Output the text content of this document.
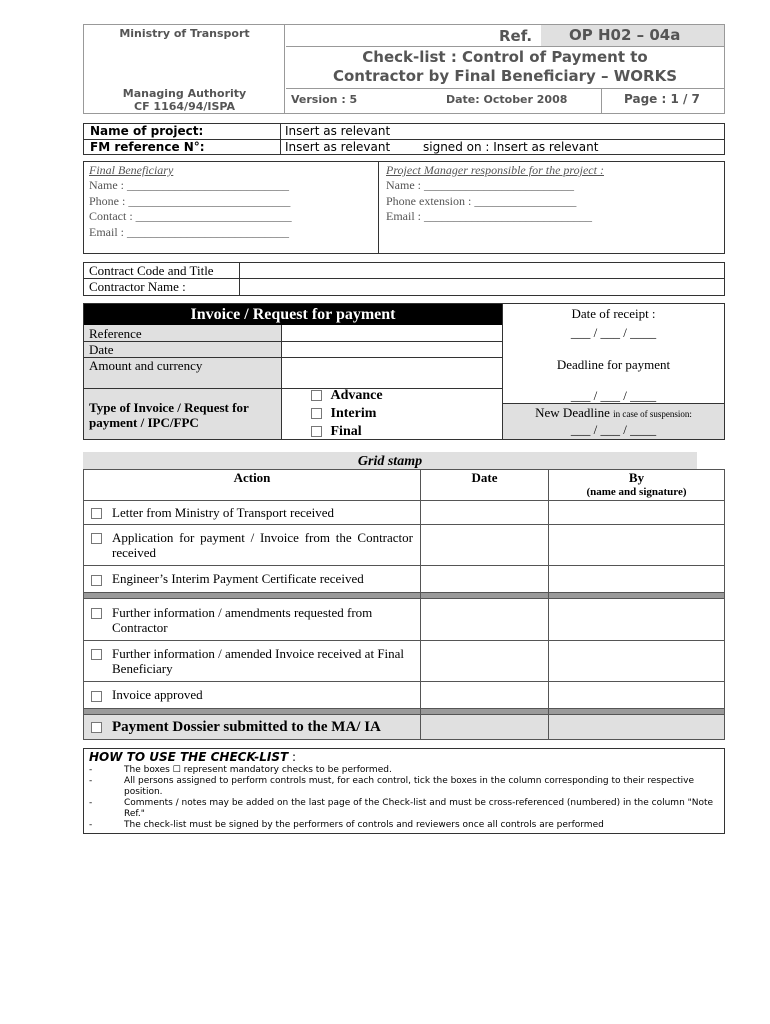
Ministry of Transport
Managing Authority
CF 1164/94/ISPA
Ref.	OP H02 – 04a
Check-list : Control of Payment to
Contractor by Final Beneficiary – WORKS
Version : 5	Date: October 2008	Page : 1 / 7
Name of project:	Insert as relevant
FM reference N°:	Insert as relevant	signed on : Insert as relevant
Final Beneficiary
Name : ___________________________
Phone : ___________________________
Contact : __________________________
Email : ___________________________
Project Manager responsible for the project :
Name : _________________________
Phone extension : _________________
Email : ____________________________
Contract Code and Title
Contractor Name :
Invoice / Request for payment
Reference
Date
Amount and currency
Type of Invoice / Request for payment / IPC/FPC
Advance
Interim
Final
Date of receipt :
___ / ___ / ____
Deadline for payment
___ / ___ / ____
New Deadline in case of suspension:
___ / ___ / ____
Grid stamp
Action	Date	By
(name and signature)

Letter from Ministry of Transport received		

Application for payment / Invoice from the Contractor received		

Engineer’s Interim Payment Certificate received		

Further information / amendments requested from Contractor		

Further information / amended Invoice received at Final Beneficiary		

Invoice approved		

Payment Dossier submitted to the MA/ IA		
HOW TO USE THE CHECK-LIST :
-	The boxes ☐ represent mandatory checks to be performed.
-	All persons assigned to perform controls must, for each control, tick the boxes in the column corresponding to their respective position.
-	Comments / notes may be added on the last page of the Check-list and must be cross-referenced (numbered) in the column "Note Ref."
-	The check-list must be signed by the performers of controls and reviewers once all controls are performed
